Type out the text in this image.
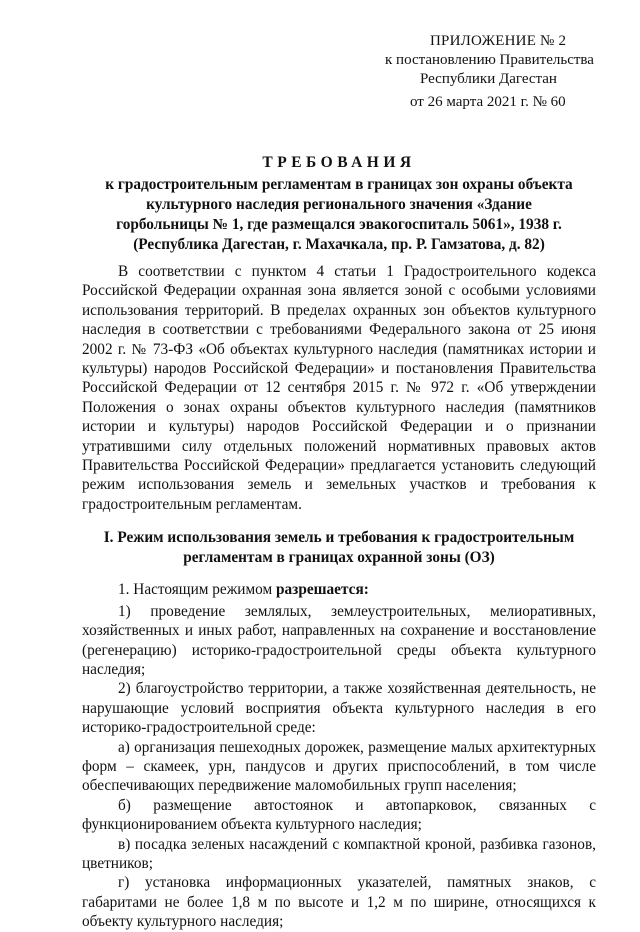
ПРИЛОЖЕНИЕ № 2
к постановлению Правительства
Республики Дагестан
от 26 марта 2021 г. № 60
ТРЕБОВАНИЯ
к градостроительным регламентам в границах зон охраны объекта
культурного наследия регионального значения «Здание
горбольницы № 1, где размещался эвакогоспиталь 5061», 1938 г.
(Республика Дагестан, г. Махачкала, пр. Р. Гамзатова, д. 82)

В соответствии с пунктом 4 статьи 1 Градостроительного кодекса Российской Федерации охранная зона является зоной с особыми условиями использования территорий. В пределах охранных зон объектов культурного наследия в соответствии с требованиями Федерального закона от 25 июня 2002 г. № 73-ФЗ «Об объектах культурного наследия (памятниках истории и культуры) народов Российской Федерации» и постановления Правительства Российской Федерации от 12 сентября 2015 г. № 972 г. «Об утверждении Положения о зонах охраны объектов культурного наследия (памятников истории и культуры) народов Российской Федерации и о признании утратившими силу отдельных положений нормативных правовых актов Правительства Российской Федерации» предлагается установить следующий режим использования земель и земельных участков и требования к градостроительным регламентам.

I. Режим использования земель и требования к градостроительным
регламентам в границах охранной зоны (ОЗ)

1. Настоящим режимом разрешается:

1) проведение землялых, землеустроительных, мелиоративных, хозяйственных и иных работ, направленных на сохранение и восстановление (регенерацию) историко-градостроительной среды объекта культурного наследия;

2) благоустройство территории, а также хозяйственная деятельность, не нарушающие условий восприятия объекта культурного наследия в его историко-градостроительной среде:

а) организация пешеходных дорожек, размещение малых архитектурных форм – скамеек, урн, пандусов и других приспособлений, в том числе обеспечивающих передвижение маломобильных групп населения;

б) размещение автостоянок и автопарковок, связанных с функционированием объекта культурного наследия;

в) посадка зеленых насаждений с компактной кроной, разбивка газонов, цветников;

г) установка информационных указателей, памятных знаков, с габаритами не более 1,8 м по высоте и 1,2 м по ширине, относящихся к объекту культурного наследия;
